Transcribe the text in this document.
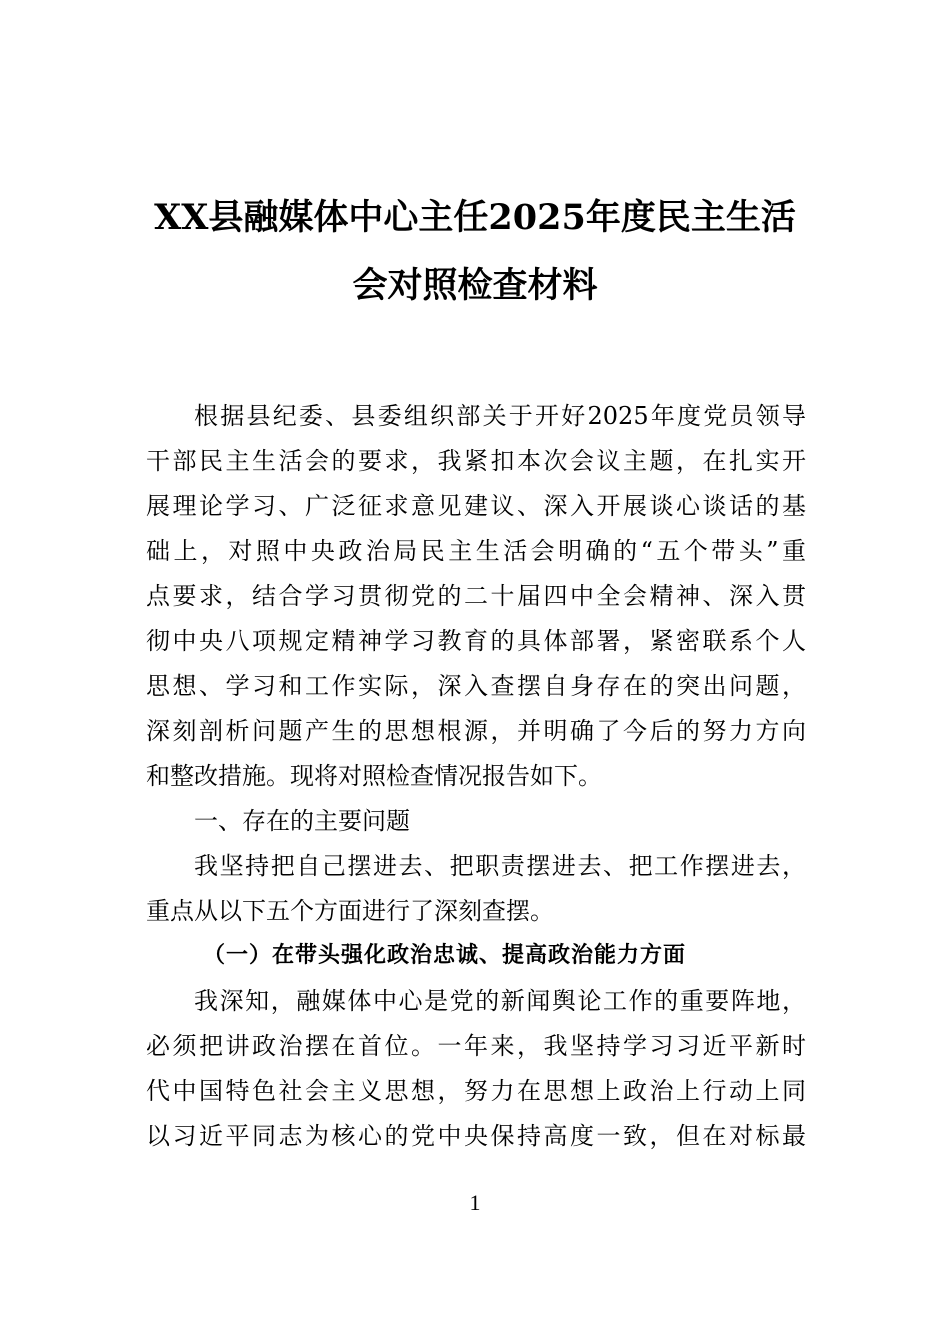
XX县融媒体中心主任2025年度民主生活
会对照检查材料
根据县纪委、县委组织部关于开好2025年度党员领导
干部民主生活会的要求，我紧扣本次会议主题，在扎实开
展理论学习、广泛征求意见建议、深入开展谈心谈话的基
础上，对照中央政治局民主生活会明确的“五个带头”重
点要求，结合学习贯彻党的二十届四中全会精神、深入贯
彻中央八项规定精神学习教育的具体部署，紧密联系个人
思想、学习和工作实际，深入查摆自身存在的突出问题，
深刻剖析问题产生的思想根源，并明确了今后的努力方向
和整改措施。现将对照检查情况报告如下。
一、存在的主要问题
我坚持把自己摆进去、把职责摆进去、把工作摆进去，
重点从以下五个方面进行了深刻查摆。
（一）在带头强化政治忠诚、提高政治能力方面
我深知，融媒体中心是党的新闻舆论工作的重要阵地，
必须把讲政治摆在首位。一年来，我坚持学习习近平新时
代中国特色社会主义思想，努力在思想上政治上行动上同
以习近平同志为核心的党中央保持高度一致，但在对标最
1
